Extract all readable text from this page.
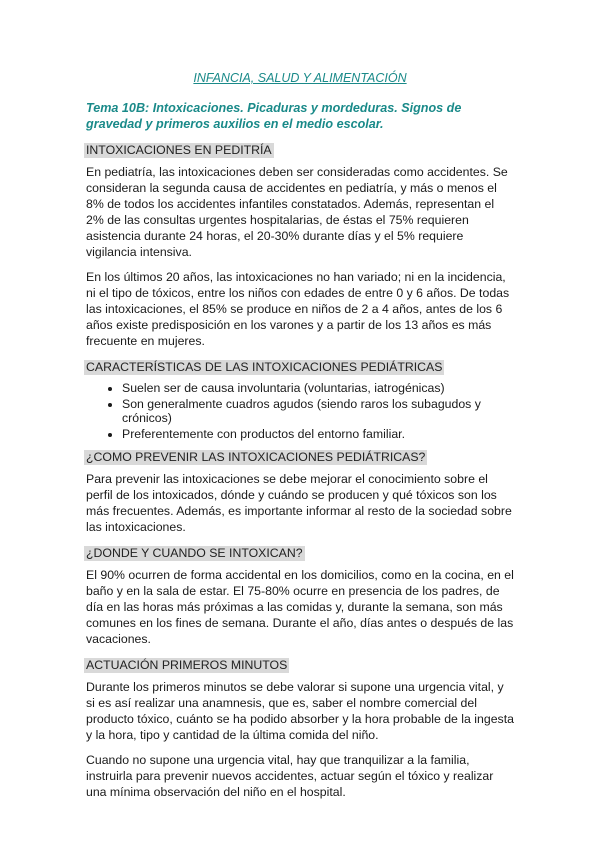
INFANCIA, SALUD Y ALIMENTACIÓN
Tema 10B: Intoxicaciones. Picaduras y mordeduras. Signos de gravedad y primeros auxilios en el medio escolar.
INTOXICACIONES EN PEDITRÍA

En pediatría, las intoxicaciones deben ser consideradas como accidentes. Se consideran la segunda causa de accidentes en pediatría, y más o menos el 8% de todos los accidentes infantiles constatados. Además, representan el 2% de las consultas urgentes hospitalarias, de éstas el 75% requieren asistencia durante 24 horas, el 20-30% durante días y el 5% requiere vigilancia intensiva.

En los últimos 20 años, las intoxicaciones no han variado; ni en la incidencia, ni el tipo de tóxicos, entre los niños con edades de entre 0 y 6 años. De todas las intoxicaciones, el 85% se produce en niños de 2 a 4 años, antes de los 6 años existe predisposición en los varones y a partir de los 13 años es más frecuente en mujeres.

CARACTERÍSTICAS DE LAS INTOXICACIONES PEDIÁTRICAS
• Suelen ser de causa involuntaria (voluntarias, iatrogénicas)
• Son generalmente cuadros agudos (siendo raros los subagudos y crónicos)
• Preferentemente con productos del entorno familiar.
¿COMO PREVENIR LAS INTOXICACIONES PEDIÁTRICAS?

Para prevenir las intoxicaciones se debe mejorar el conocimiento sobre el perfil de los intoxicados, dónde y cuándo se producen y qué tóxicos son los más frecuentes. Además, es importante informar al resto de la sociedad sobre las intoxicaciones.

¿DONDE Y CUANDO SE INTOXICAN?

El 90% ocurren de forma accidental en los domicilios, como en la cocina, en el baño y en la sala de estar. El 75-80% ocurre en presencia de los padres, de día en las horas más próximas a las comidas y, durante la semana, son más comunes en los fines de semana. Durante el año, días antes o después de las vacaciones.

ACTUACIÓN PRIMEROS MINUTOS

Durante los primeros minutos se debe valorar si supone una urgencia vital, y si es así realizar una anamnesis, que es, saber el nombre comercial del producto tóxico, cuánto se ha podido absorber y la hora probable de la ingesta y la hora, tipo y cantidad de la última comida del niño.

Cuando no supone una urgencia vital, hay que tranquilizar a la familia, instruirla para prevenir nuevos accidentes, actuar según el tóxico y realizar una mínima observación del niño en el hospital.
